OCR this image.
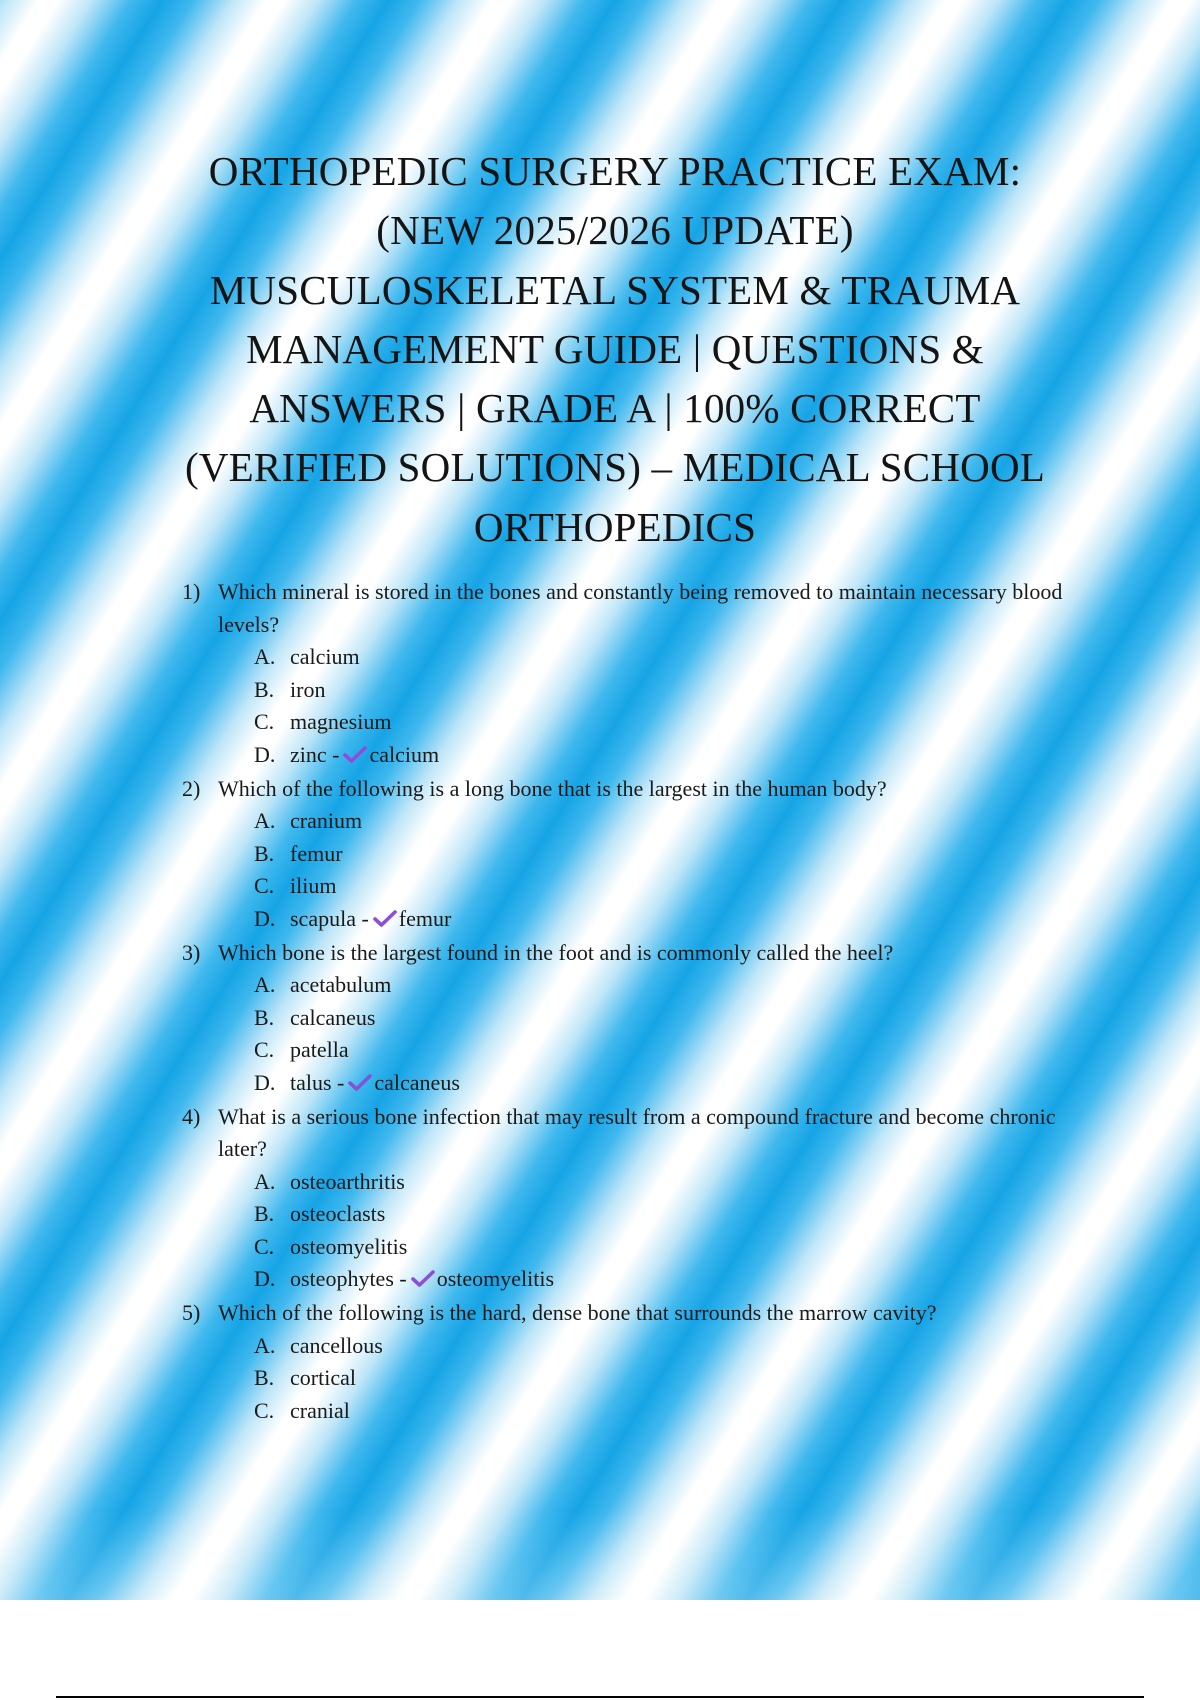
ORTHOPEDIC SURGERY PRACTICE EXAM:
(NEW 2025/2026 UPDATE)
MUSCULOSKELETAL SYSTEM & TRAUMA
MANAGEMENT GUIDE | QUESTIONS &
ANSWERS | GRADE A | 100% CORRECT
(VERIFIED SOLUTIONS) – MEDICAL SCHOOL
ORTHOPEDICS
1) Which mineral is stored in the bones and constantly being removed to maintain necessary blood levels?
A. calcium
B. iron
C. magnesium
D. zinc - calcium
2) Which of the following is a long bone that is the largest in the human body?
A. cranium
B. femur
C. ilium
D. scapula - femur
3) Which bone is the largest found in the foot and is commonly called the heel?
A. acetabulum
B. calcaneus
C. patella
D. talus - calcaneus
4) What is a serious bone infection that may result from a compound fracture and become chronic later?
A. osteoarthritis
B. osteoclasts
C. osteomyelitis
D. osteophytes - osteomyelitis
5) Which of the following is the hard, dense bone that surrounds the marrow cavity?
A. cancellous
B. cortical
C. cranial
